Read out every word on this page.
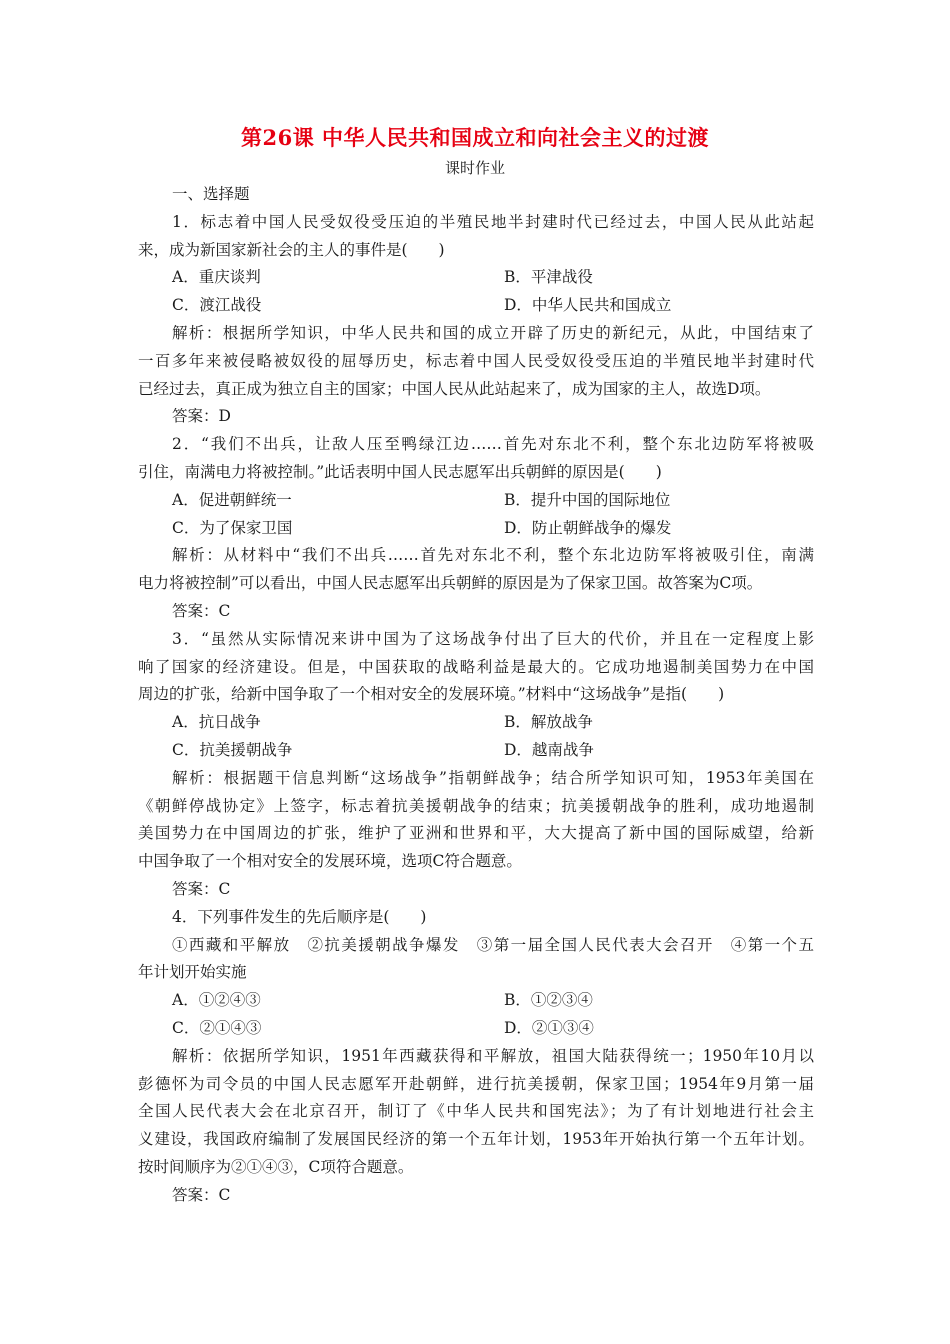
第26课 中华人民共和国成立和向社会主义的过渡
课时作业
一、选择题
1．标志着中国人民受奴役受压迫的半殖民地半封建时代已经过去，中国人民从此站起
来，成为新国家新社会的主人的事件是(　　)
A．重庆谈判	B．平津战役
C．渡江战役	D．中华人民共和国成立
解析：根据所学知识，中华人民共和国的成立开辟了历史的新纪元，从此，中国结束了
一百多年来被侵略被奴役的屈辱历史，标志着中国人民受奴役受压迫的半殖民地半封建时代
已经过去，真正成为独立自主的国家；中国人民从此站起来了，成为国家的主人，故选D项。
答案：D
2．“我们不出兵，让敌人压至鸭绿江边……首先对东北不利，整个东北边防军将被吸
引住，南满电力将被控制。”此话表明中国人民志愿军出兵朝鲜的原因是(　　)
A．促进朝鲜统一	B．提升中国的国际地位
C．为了保家卫国	D．防止朝鲜战争的爆发
解析：从材料中“我们不出兵……首先对东北不利，整个东北边防军将被吸引住，南满
电力将被控制”可以看出，中国人民志愿军出兵朝鲜的原因是为了保家卫国。故答案为C项。
答案：C
3．“虽然从实际情况来讲中国为了这场战争付出了巨大的代价，并且在一定程度上影
响了国家的经济建设。但是，中国获取的战略利益是最大的。它成功地遏制美国势力在中国
周边的扩张，给新中国争取了一个相对安全的发展环境。”材料中“这场战争”是指(　　)
A．抗日战争	B．解放战争
C．抗美援朝战争	D．越南战争
解析：根据题干信息判断“这场战争”指朝鲜战争；结合所学知识可知，1953年美国在
《朝鲜停战协定》上签字，标志着抗美援朝战争的结束；抗美援朝战争的胜利，成功地遏制
美国势力在中国周边的扩张，维护了亚洲和世界和平，大大提高了新中国的国际威望，给新
中国争取了一个相对安全的发展环境，选项C符合题意。
答案：C
4．下列事件发生的先后顺序是(　　)
①西藏和平解放　②抗美援朝战争爆发　③第一届全国人民代表大会召开　④第一个五
年计划开始实施
A．①②④③	B．①②③④
C．②①④③	D．②①③④
解析：依据所学知识，1951年西藏获得和平解放，祖国大陆获得统一；1950年10月以
彭德怀为司令员的中国人民志愿军开赴朝鲜，进行抗美援朝，保家卫国；1954年9月第一届
全国人民代表大会在北京召开，制订了《中华人民共和国宪法》；为了有计划地进行社会主
义建设，我国政府编制了发展国民经济的第一个五年计划，1953年开始执行第一个五年计划。
按时间顺序为②①④③，C项符合题意。
答案：C
